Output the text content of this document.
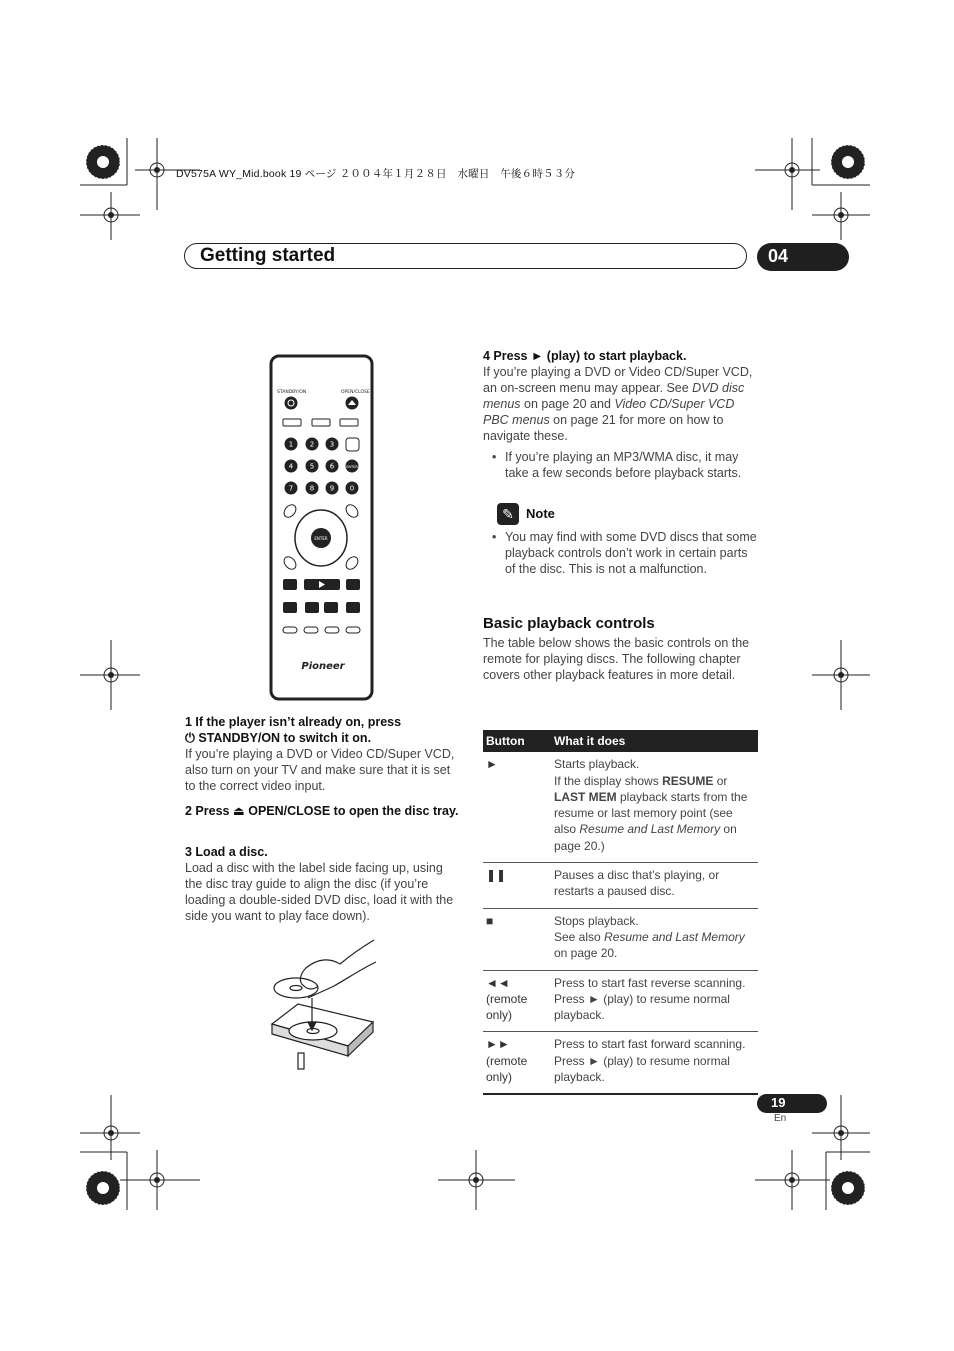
DV575A WY_Mid.book 19 ページ ２００４年１月２８日　水曜日　午後６時５３分
Getting started	04
STANDBY/ON	OPEN/CLOSE
1 2 3
4 5 6
7 8 9 0
ENTER
ENTER
Pioneer
1 If the player isn’t already on, press
⏻ STANDBY/ON to switch it on.
If you’re playing a DVD or Video CD/Super VCD, also turn on your TV and make sure that it is set to the correct video input.
2 Press ⏏ OPEN/CLOSE to open the disc tray.
3 Load a disc.
Load a disc with the label side facing up, using the disc tray guide to align the disc (if you’re loading a double-sided DVD disc, load it with the side you want to play face down).
4 Press ► (play) to start playback.
If you’re playing a DVD or Video CD/Super VCD, an on-screen menu may appear. See DVD disc menus on page 20 and Video CD/Super VCD PBC menus on page 21 for more on how to navigate these.
• If you’re playing an MP3/WMA disc, it may take a few seconds before playback starts.
✎ Note
• You may find with some DVD discs that some playback controls don’t work in certain parts of the disc. This is not a malfunction.
Basic playback controls
The table below shows the basic controls on the remote for playing discs. The following chapter covers other playback features in more detail.
Button	What it does
►	Starts playback.
If the display shows RESUME or LAST MEM playback starts from the resume or last memory point (see also Resume and Last Memory on page 20.)

❚❚	Pauses a disc that’s playing, or restarts a paused disc.
■	Stops playback.
See also Resume and Last Memory on page 20.

◄◄
(remote only)	Press to start fast reverse scanning. Press ► (play) to resume normal playback.

►►
(remote only)	Press to start fast forward scanning. Press ► (play) to resume normal playback.
19
En
